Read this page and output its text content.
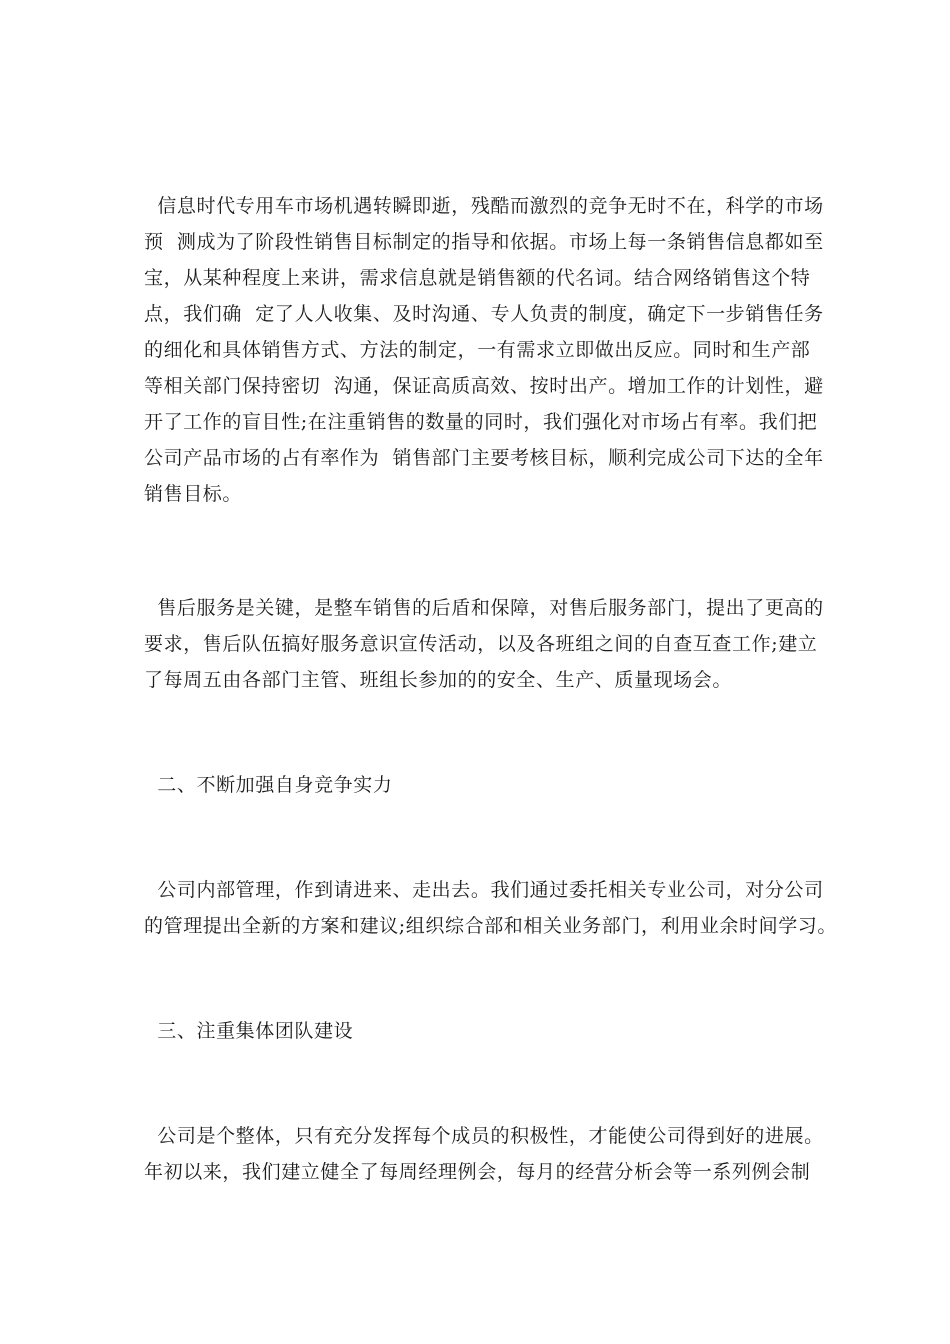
信息时代专用车市场机遇转瞬即逝，残酷而激烈的竞争无时不在，科学的市场
预  测成为了阶段性销售目标制定的指导和依据。市场上每一条销售信息都如至
宝，从某种程度上来讲，需求信息就是销售额的代名词。结合网络销售这个特
点，我们确  定了人人收集、及时沟通、专人负责的制度，确定下一步销售任务
的细化和具体销售方式、方法的制定，一有需求立即做出反应。同时和生产部
等相关部门保持密切  沟通，保证高质高效、按时出产。增加工作的计划性，避
开了工作的盲目性;在注重销售的数量的同时，我们强化对市场占有率。我们把
公司产品市场的占有率作为  销售部门主要考核目标，顺利完成公司下达的全年
销售目标。
售后服务是关键，是整车销售的后盾和保障，对售后服务部门，提出了更高的
要求，售后队伍搞好服务意识宣传活动，以及各班组之间的自查互查工作;建立
了每周五由各部门主管、班组长参加的的安全、生产、质量现场会。
二、不断加强自身竞争实力
公司内部管理，作到请进来、走出去。我们通过委托相关专业公司，对分公司
的管理提出全新的方案和建议;组织综合部和相关业务部门，利用业余时间学习。
三、注重集体团队建设
公司是个整体，只有充分发挥每个成员的积极性，才能使公司得到好的进展。
年初以来，我们建立健全了每周经理例会，每月的经营分析会等一系列例会制
